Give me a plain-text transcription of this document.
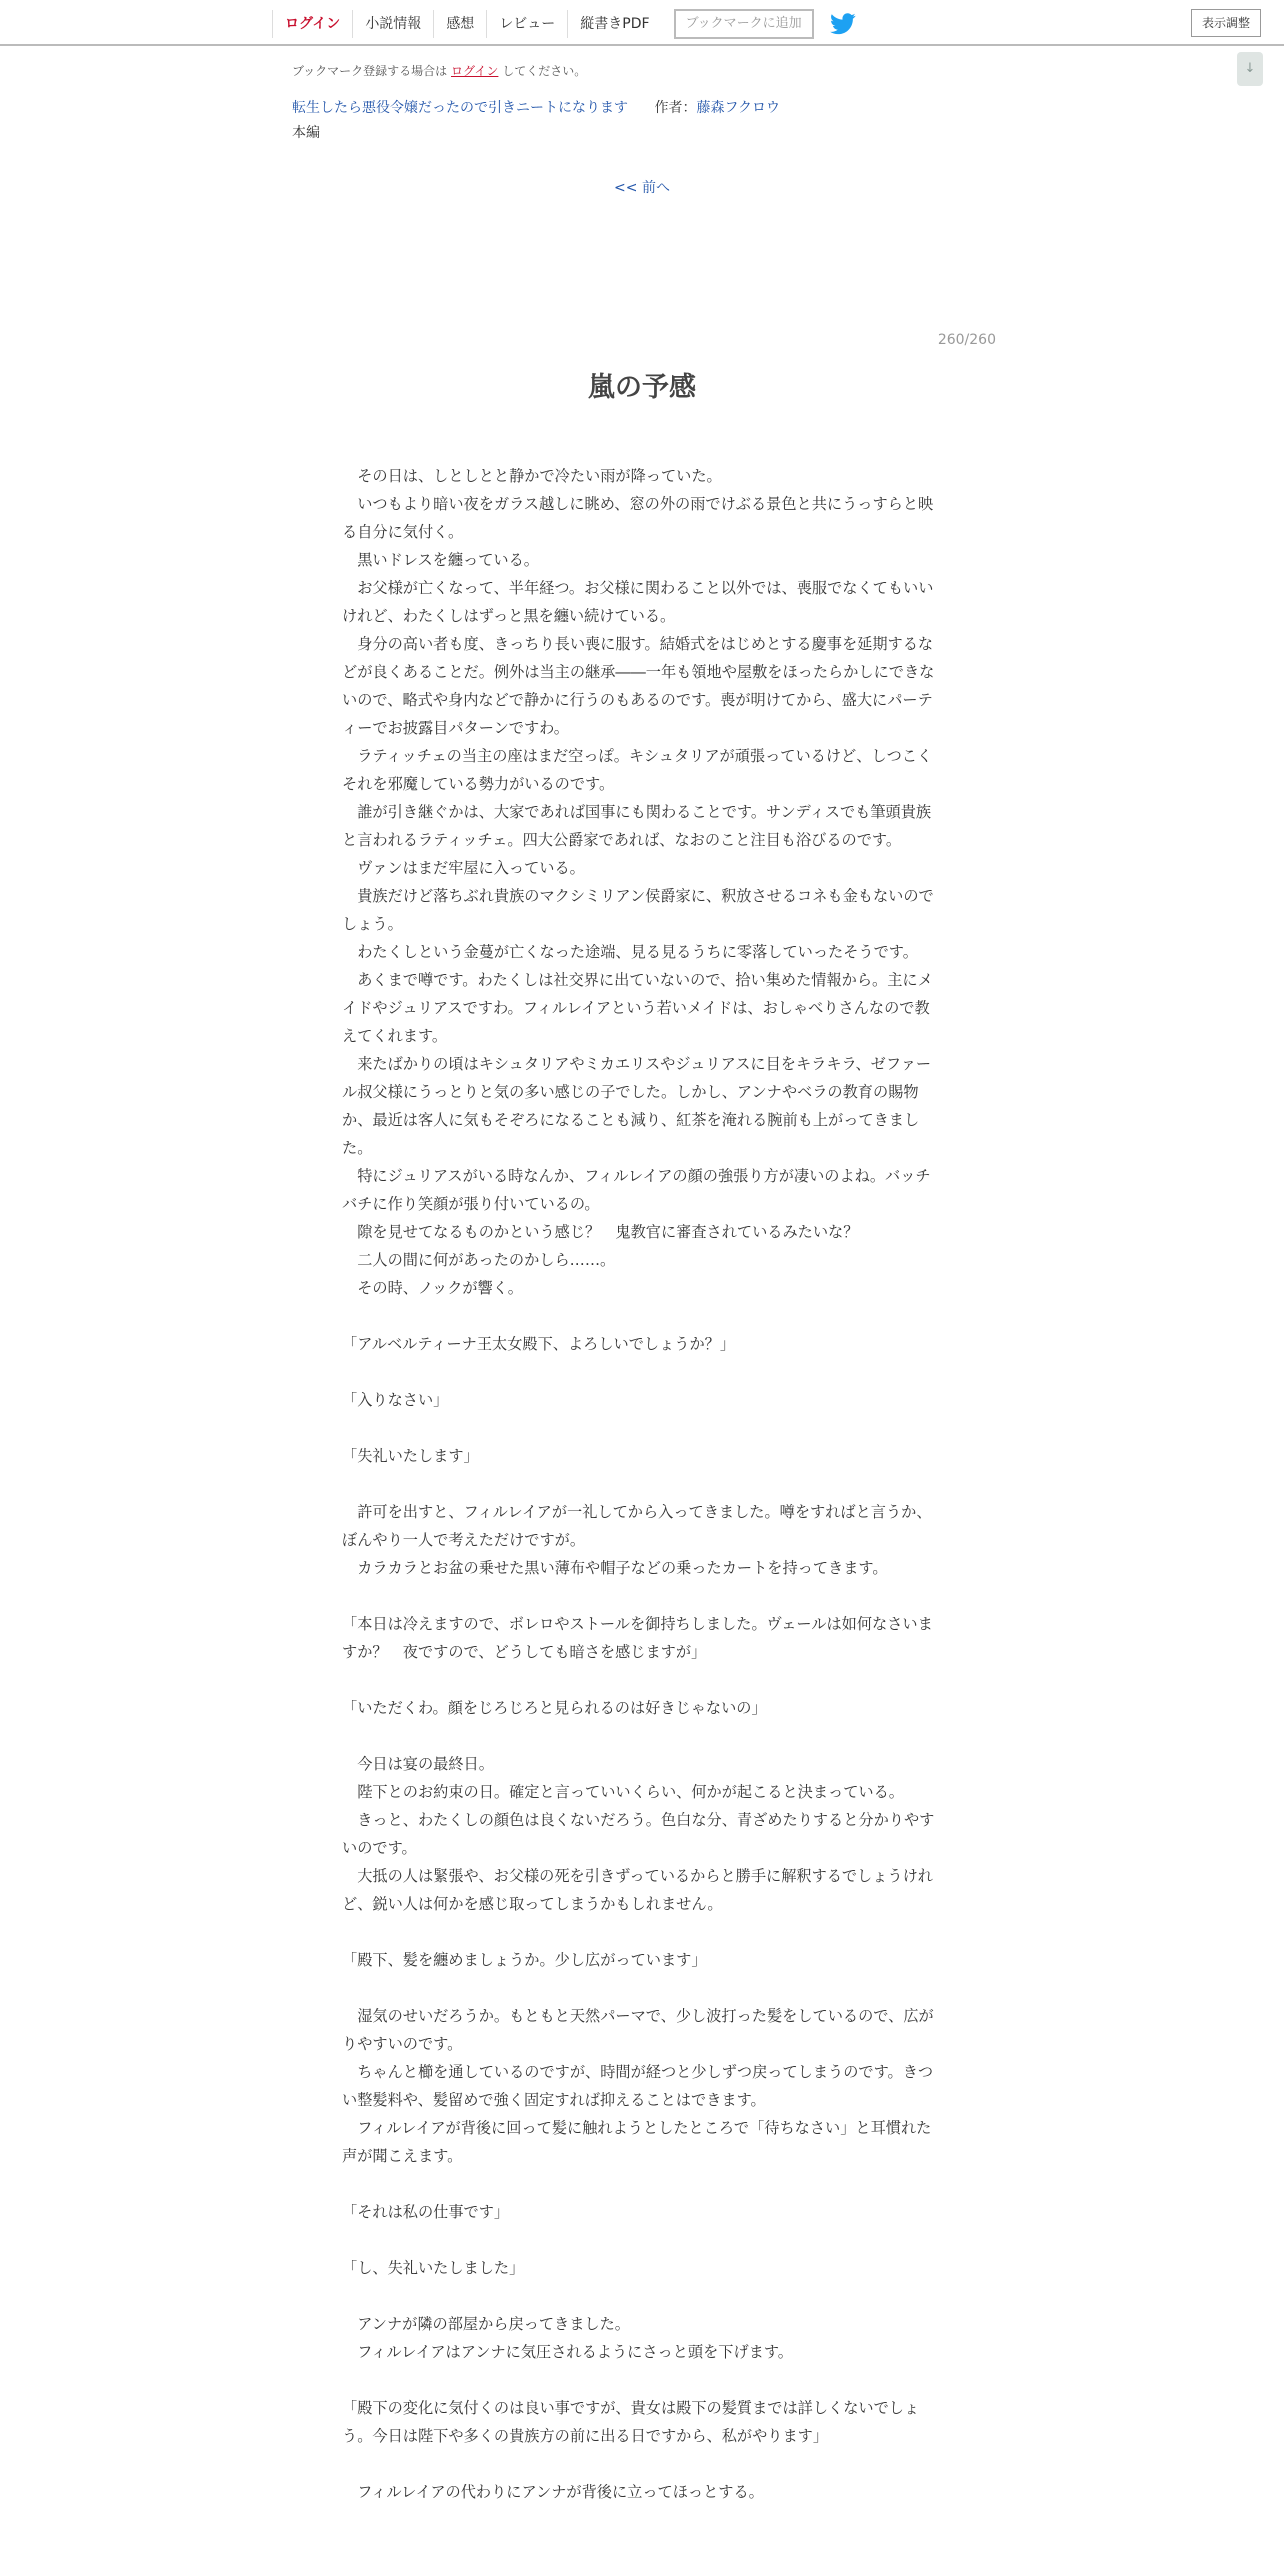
ログイン	小説情報	感想	レビュー	縦書きPDF	ブックマークに追加	表示調整
↓
ブックマーク登録する場合は ログイン してください。
転生したら悪役令嬢だったので引きニートになります 作者：藤森フクロウ
本編
<< 前へ
260/260
嵐の予感

　その日は、しとしとと静かで冷たい雨が降っていた。

　いつもより暗い夜をガラス越しに眺め、窓の外の雨でけぶる景色と共にうっすらと映る自分に気付く。

　黒いドレスを纏っている。

　お父様が亡くなって、半年経つ。お父様に関わること以外では、喪服でなくてもいいけれど、わたくしはずっと黒を纏い続けている。

　身分の高い者も度、きっちり長い喪に服す。結婚式をはじめとする慶事を延期するなどが良くあることだ。例外は当主の継承――一年も領地や屋敷をほったらかしにできないので、略式や身内などで静かに行うのもあるのです。喪が明けてから、盛大にパーティーでお披露目パターンですわ。

　ラティッチェの当主の座はまだ空っぽ。キシュタリアが頑張っているけど、しつこくそれを邪魔している勢力がいるのです。

　誰が引き継ぐかは、大家であれば国事にも関わることです。サンディスでも筆頭貴族と言われるラティッチェ。四大公爵家であれば、なおのこと注目も浴びるのです。

　ヴァンはまだ牢屋に入っている。

　貴族だけど落ちぶれ貴族のマクシミリアン侯爵家に、釈放させるコネも金もないのでしょう。

　わたくしという金蔓が亡くなった途端、見る見るうちに零落していったそうです。

　あくまで噂です。わたくしは社交界に出ていないので、拾い集めた情報から。主にメイドやジュリアスですわ。フィルレイアという若いメイドは、おしゃべりさんなので教えてくれます。

　来たばかりの頃はキシュタリアやミカエリスやジュリアスに目をキラキラ、ゼファール叔父様にうっとりと気の多い感じの子でした。しかし、アンナやベラの教育の賜物か、最近は客人に気もそぞろになることも減り、紅茶を淹れる腕前も上がってきました。

　特にジュリアスがいる時なんか、フィルレイアの顔の強張り方が凄いのよね。バッチバチに作り笑顔が張り付いているの。

　隙を見せてなるものかという感じ？　鬼教官に審査されているみたいな？

　二人の間に何があったのかしら……。

　その時、ノックが響く。

「アルベルティーナ王太女殿下、よろしいでしょうか？」

「入りなさい」

「失礼いたします」

　許可を出すと、フィルレイアが一礼してから入ってきました。噂をすればと言うか、ぼんやり一人で考えただけですが。

　カラカラとお盆の乗せた黒い薄布や帽子などの乗ったカートを持ってきます。

「本日は冷えますので、ボレロやストールを御持ちしました。ヴェールは如何なさいますか？　夜ですので、どうしても暗さを感じますが」

「いただくわ。顔をじろじろと見られるのは好きじゃないの」

　今日は宴の最終日。

　陛下とのお約束の日。確定と言っていいくらい、何かが起こると決まっている。

　きっと、わたくしの顔色は良くないだろう。色白な分、青ざめたりすると分かりやすいのです。

　大抵の人は緊張や、お父様の死を引きずっているからと勝手に解釈するでしょうけれど、鋭い人は何かを感じ取ってしまうかもしれません。

「殿下、髪を纏めましょうか。少し広がっています」

　湿気のせいだろうか。もともと天然パーマで、少し波打った髪をしているので、広がりやすいのです。

　ちゃんと櫛を通しているのですが、時間が経つと少しずつ戻ってしまうのです。きつい整髪料や、髪留めで強く固定すれば抑えることはできます。

　フィルレイアが背後に回って髪に触れようとしたところで「待ちなさい」と耳慣れた声が聞こえます。

「それは私の仕事です」

「し、失礼いたしました」

　アンナが隣の部屋から戻ってきました。

　フィルレイアはアンナに気圧されるようにさっと頭を下げます。

「殿下の変化に気付くのは良い事ですが、貴女は殿下の髪質までは詳しくないでしょう。今日は陛下や多くの貴族方の前に出る日ですから、私がやります」

　フィルレイアの代わりにアンナが背後に立ってほっとする。
